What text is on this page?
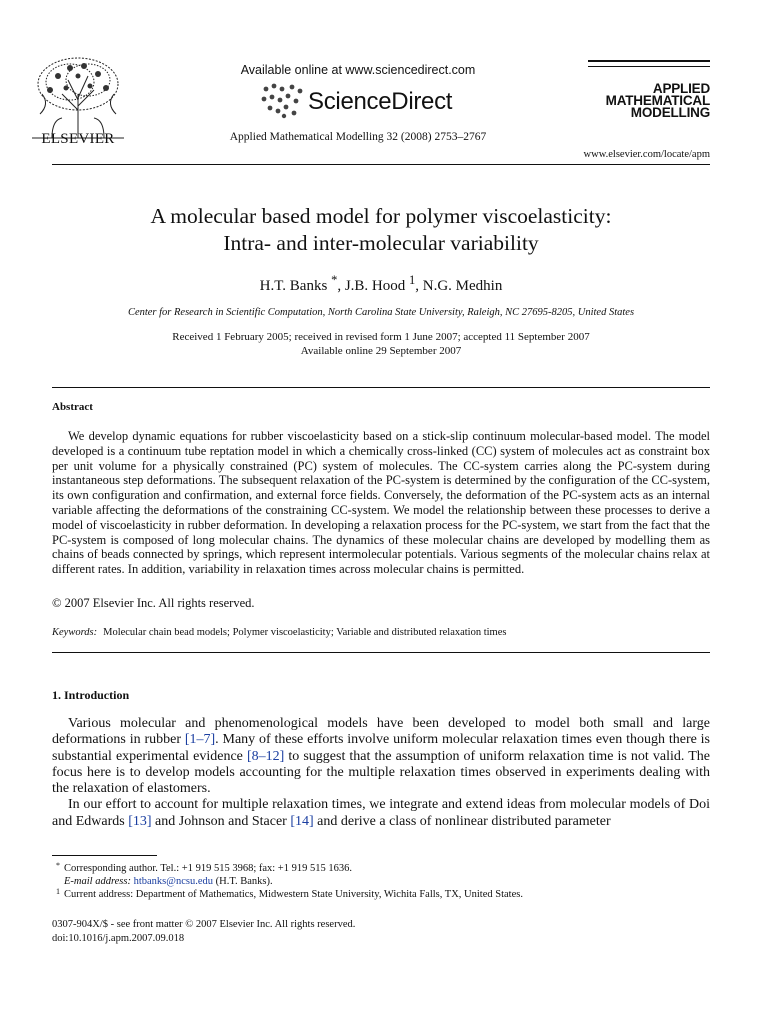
ELSEVIER
Available online at www.sciencedirect.com
ScienceDirect
Applied Mathematical Modelling 32 (2008) 2753–2767
APPLIED
MATHEMATICAL
MODELLING
www.elsevier.com/locate/apm
A molecular based model for polymer viscoelasticity:
Intra- and inter-molecular variability
H.T. Banks *, J.B. Hood $^1$, N.G. Medhin
Center for Research in Scientific Computation, North Carolina State University, Raleigh, NC 27695-8205, United States
Received 1 February 2005; received in revised form 1 June 2007; accepted 11 September 2007
Available online 29 September 2007
Abstract

We develop dynamic equations for rubber viscoelasticity based on a stick-slip continuum molecular-based model. The model developed is a continuum tube reptation model in which a chemically cross-linked (CC) system of molecules act as constraint box per unit volume for a physically constrained (PC) system of molecules. The CC-system carries along the PC-system during instantaneous step deformations. The subsequent relaxation of the PC-system is determined by the configuration of the CC-system, its own configuration and confirmation, and external force fields. Conversely, the deformation of the PC-system acts as an internal variable affecting the deformations of the constraining CC-system. We model the relationship between these processes to derive a model of viscoelasticity in rubber deformation. In developing a relaxation process for the PC-system, we start from the fact that the PC-system is composed of long molecular chains. The dynamics of these molecular chains are developed by modelling them as chains of beads connected by springs, which represent intermolecular potentials. Various segments of the molecular chains relax at different rates. In addition, variability in relaxation times across molecular chains is permitted.

© 2007 Elsevier Inc. All rights reserved.
Keywords: Molecular chain bead models; Polymer viscoelasticity; Variable and distributed relaxation times
1. Introduction

Various molecular and phenomenological models have been developed to model both small and large deformations in rubber [1–7]. Many of these efforts involve uniform molecular relaxation times even though there is substantial experimental evidence [8–12] to suggest that the assumption of uniform relaxation time is not valid. The focus here is to develop models accounting for the multiple relaxation times observed in experiments dealing with the relaxation of elastomers.

In our effort to account for multiple relaxation times, we integrate and extend ideas from molecular models of Doi and Edwards [13] and Johnson and Stacer [14] and derive a class of nonlinear distributed parameter

* Corresponding author. Tel.: +1 919 515 3968; fax: +1 919 515 1636.
E-mail address: htbanks@ncsu.edu (H.T. Banks).
1 Current address: Department of Mathematics, Midwestern State University, Wichita Falls, TX, United States.
0307-904X/$ - see front matter © 2007 Elsevier Inc. All rights reserved.
doi:10.1016/j.apm.2007.09.018
